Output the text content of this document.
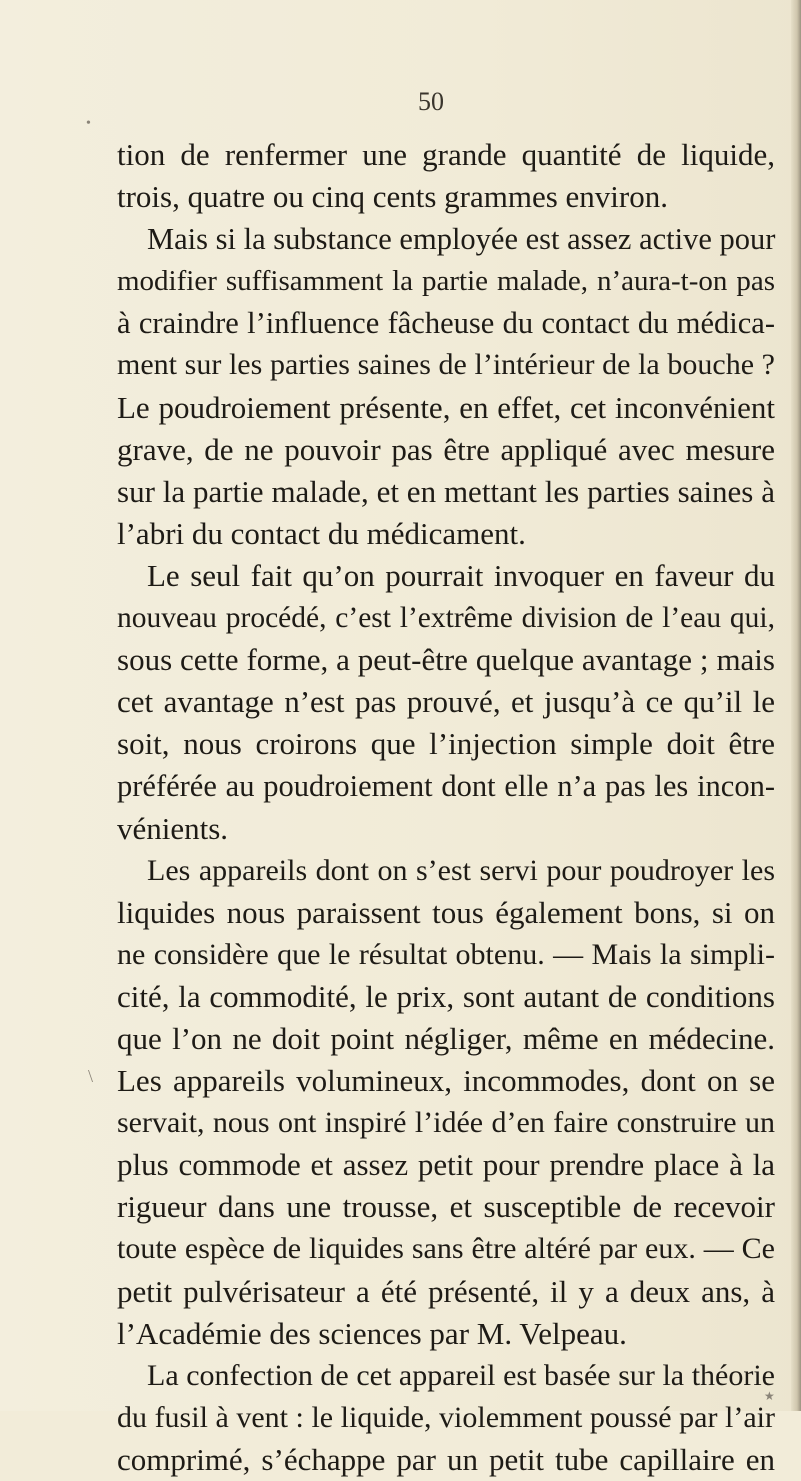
50
tion de renfermer une grande quantité de liquide,
trois, quatre ou cinq cents grammes environ.
Mais si la substance employée est assez active pour
modifier suffisamment la partie malade, n’aura-t-on pas
à craindre l’influence fâcheuse du contact du médica-
ment sur les parties saines de l’intérieur de la bouche ?
Le poudroiement présente, en effet, cet inconvénient
grave, de ne pouvoir pas être appliqué avec mesure
sur la partie malade, et en mettant les parties saines à
l’abri du contact du médicament.
Le seul fait qu’on pourrait invoquer en faveur du
nouveau procédé, c’est l’extrême division de l’eau qui,
sous cette forme, a peut-être quelque avantage ; mais
cet avantage n’est pas prouvé, et jusqu’à ce qu’il le
soit, nous croirons que l’injection simple doit être
préférée au poudroiement dont elle n’a pas les incon-
vénients.
Les appareils dont on s’est servi pour poudroyer les
liquides nous paraissent tous également bons, si on
ne considère que le résultat obtenu. — Mais la simpli-
cité, la commodité, le prix, sont autant de conditions
que l’on ne doit point négliger, même en médecine.
Les appareils volumineux, incommodes, dont on se
servait, nous ont inspiré l’idée d’en faire construire un
plus commode et assez petit pour prendre place à la
rigueur dans une trousse, et susceptible de recevoir
toute espèce de liquides sans être altéré par eux. — Ce
petit pulvérisateur a été présenté, il y a deux ans, à
l’Académie des sciences par M. Velpeau.
La confection de cet appareil est basée sur la théorie
du fusil à vent : le liquide, violemment poussé par l’air
comprimé, s’échappe par un petit tube capillaire en
•
\
★
